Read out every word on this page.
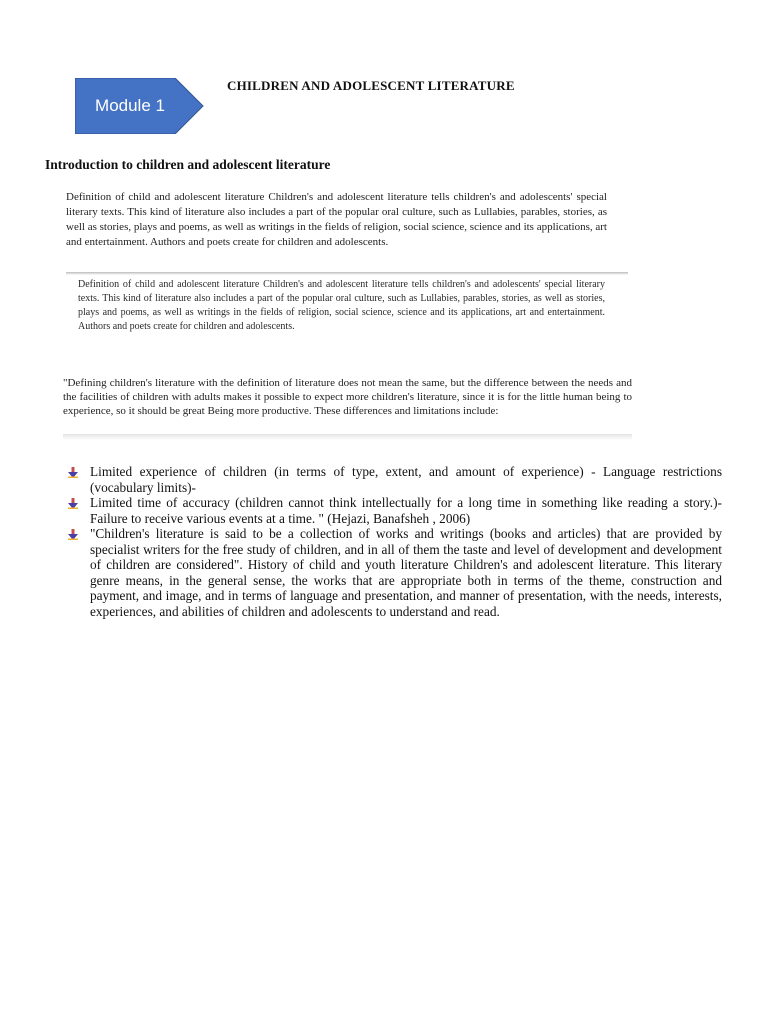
Module 1
CHILDREN AND ADOLESCENT LITERATURE
Introduction to children and adolescent literature
Definition of child and adolescent literature Children's and adolescent literature tells children's and adolescents' special literary texts. This kind of literature also includes a part of the popular oral culture, such as Lullabies, parables, stories, as well as stories, plays and poems, as well as writings in the fields of religion, social science, science and its applications, art and entertainment. Authors and poets create for children and adolescents.
Definition of child and adolescent literature Children's and adolescent literature tells children's and adolescents' special literary texts. This kind of literature also includes a part of the popular oral culture, such as Lullabies, parables, stories, as well as stories, plays and poems, as well as writings in the fields of religion, social science, science and its applications, art and entertainment. Authors and poets create for children and adolescents.
"Defining children's literature with the definition of literature does not mean the same, but the difference between the needs and the facilities of children with adults makes it possible to expect more children's literature, since it is for the little human being to experience, so it should be great Being more productive. These differences and limitations include:
Limited experience of children (in terms of type, extent, and amount of experience) - Language restrictions (vocabulary limits)-
Limited time of accuracy (children cannot think intellectually for a long time in something like reading a story.)- Failure to receive various events at a time. " (Hejazi, Banafsheh , 2006)
"Children's literature is said to be a collection of works and writings (books and articles) that are provided by specialist writers for the free study of children, and in all of them the taste and level of development and development of children are considered". History of child and youth literature Children's and adolescent literature. This literary genre means, in the general sense, the works that are appropriate both in terms of the theme, construction and payment, and image, and in terms of language and presentation, and manner of presentation, with the needs, interests, experiences, and abilities of children and adolescents to understand and read.
